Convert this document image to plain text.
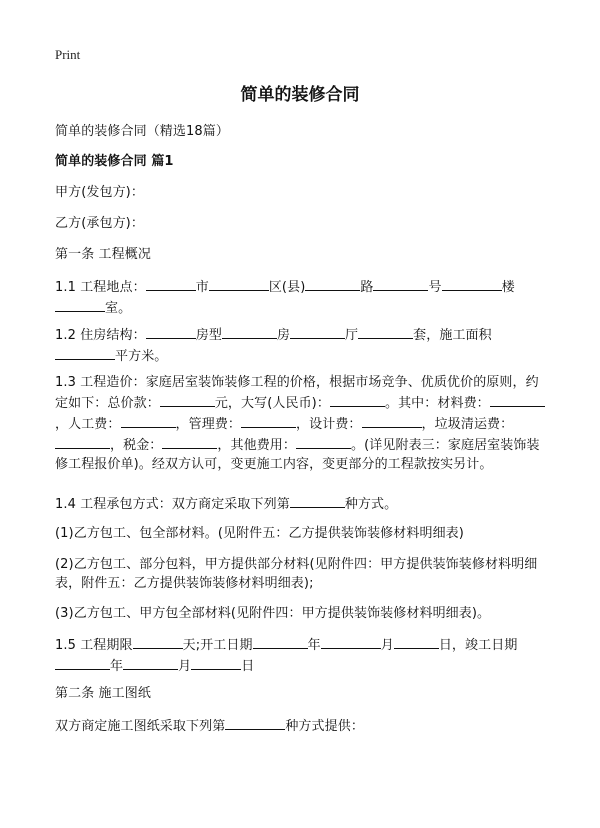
Print
简单的装修合同

简单的装修合同（精选18篇）

简单的装修合同 篇1

甲方(发包方)：

乙方(承包方)：

第一条 工程概况

1.1 工程地点：	市	区(县)	路	号	楼
室。

1.2 住房结构：	房型	房	厅	套，施工面积
平方米。

1.3 工程造价：家庭居室装饰装修工程的价格，根据市场竞争、优质优价的原则，约定如下：总价款：	元，大写(人民币)：	。其中：材料费：，人工费：	，管理费：	，设计费：	，垃圾清运费：，税金：	，其他费用：	。(详见附表三：家庭居室装饰装修工程报价单)。经双方认可，变更施工内容，变更部分的工程款按实另计。

1.4 工程承包方式：双方商定采取下列第	种方式。

(1)乙方包工、包全部材料。(见附件五：乙方提供装饰装修材料明细表)

(2)乙方包工、部分包料，甲方提供部分材料(见附件四：甲方提供装饰装修材料明细表，附件五：乙方提供装饰装修材料明细表);

(3)乙方包工、甲方包全部材料(见附件四：甲方提供装饰装修材料明细表)。

1.5 工程期限	天;开工日期	年	月	日，竣工日期年	月	日

第二条 施工图纸

双方商定施工图纸采取下列第	种方式提供：
